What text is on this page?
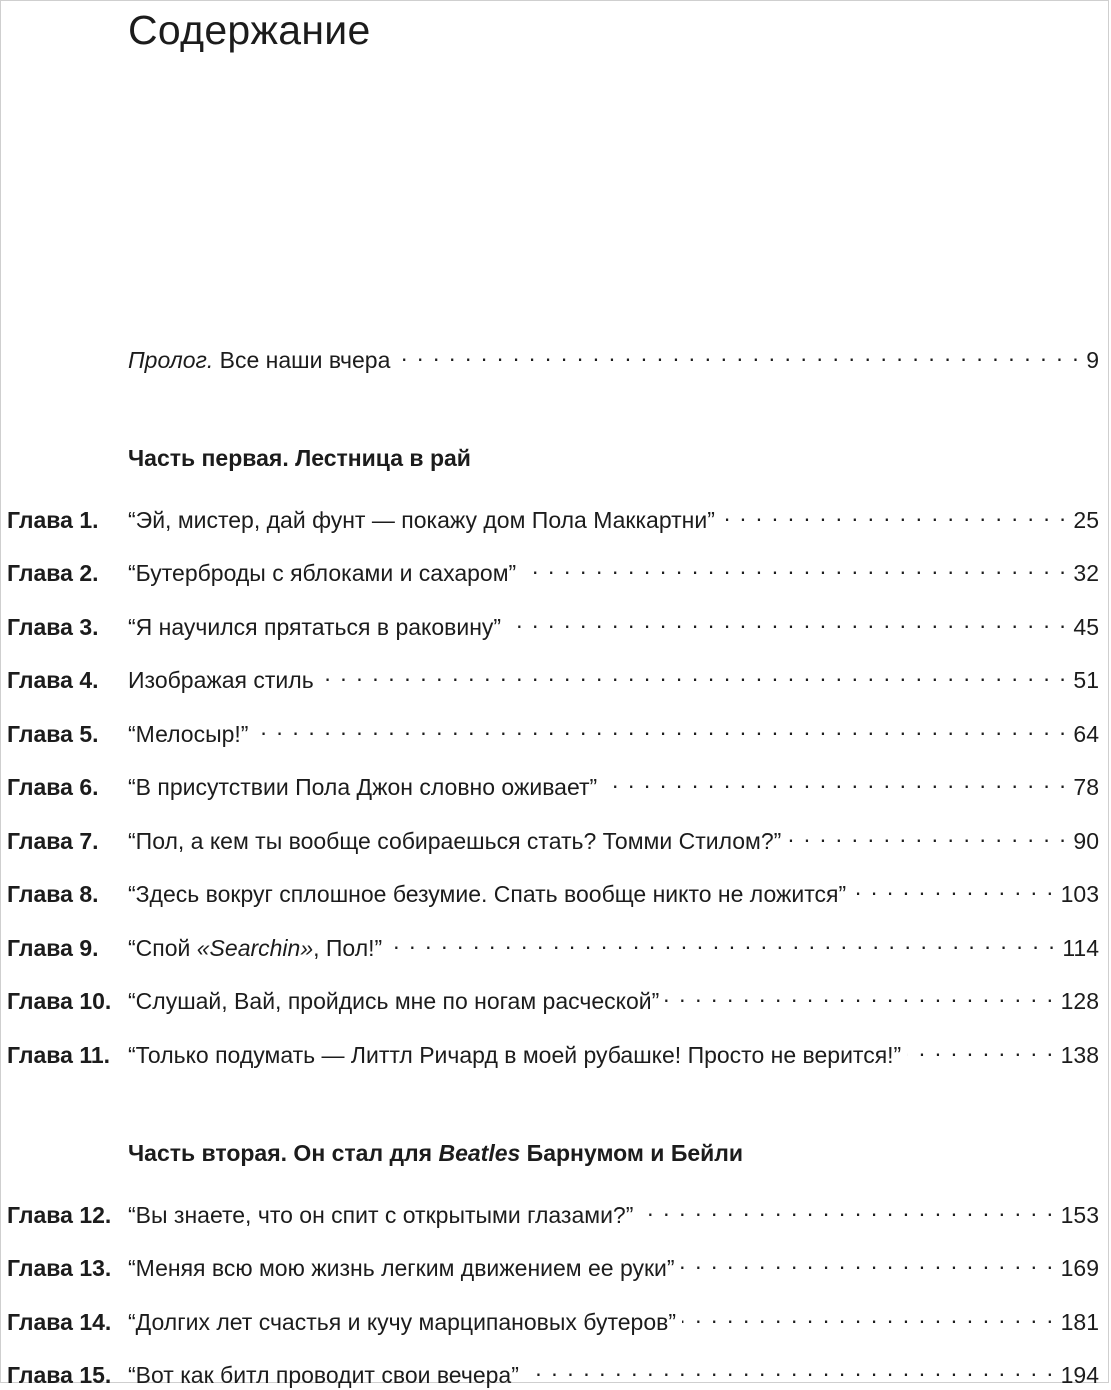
Содержание
Пролог. Все наши вчера . . .	9
Часть первая. Лестница в рай
Глава 1.	“Эй, мистер, дай фунт — покажу дом Пола Маккартни” . . .	25
Глава 2.	“Бутерброды с яблоками и сахаром” . . .	32
Глава 3.	“Я научился прятаться в раковину” . . .	45
Глава 4.	Изображая стиль . . .	51
Глава 5.	“Мелосыр!” . . .	64
Глава 6.	“В присутствии Пола Джон словно оживает” . . .	78
Глава 7.	“Пол, а кем ты вообще собираешься стать? Томми Стилом?” . . .	90
Глава 8.	“Здесь вокруг сплошное безумие. Спать вообще никто не ложится” . . .	103
Глава 9.	“Спой «Searchin», Пол!” . . .	114
Глава 10. “Слушай, Вай, пройдись мне по ногам расческой” . . .	128
Глава 11. “Только подумать — Литтл Ричард в моей рубашке! Просто не верится!” . . .	138
Часть вторая. Он стал для Beatles Барнумом и Бейли
Глава 12. “Вы знаете, что он спит с открытыми глазами?” . . .	153
Глава 13. “Меняя всю мою жизнь легким движением ее руки” . . .	169
Глава 14. “Долгих лет счастья и кучу марципановых бутеров” . . .	181
Глава 15. “Вот как битл проводит свои вечера” . . .	194
